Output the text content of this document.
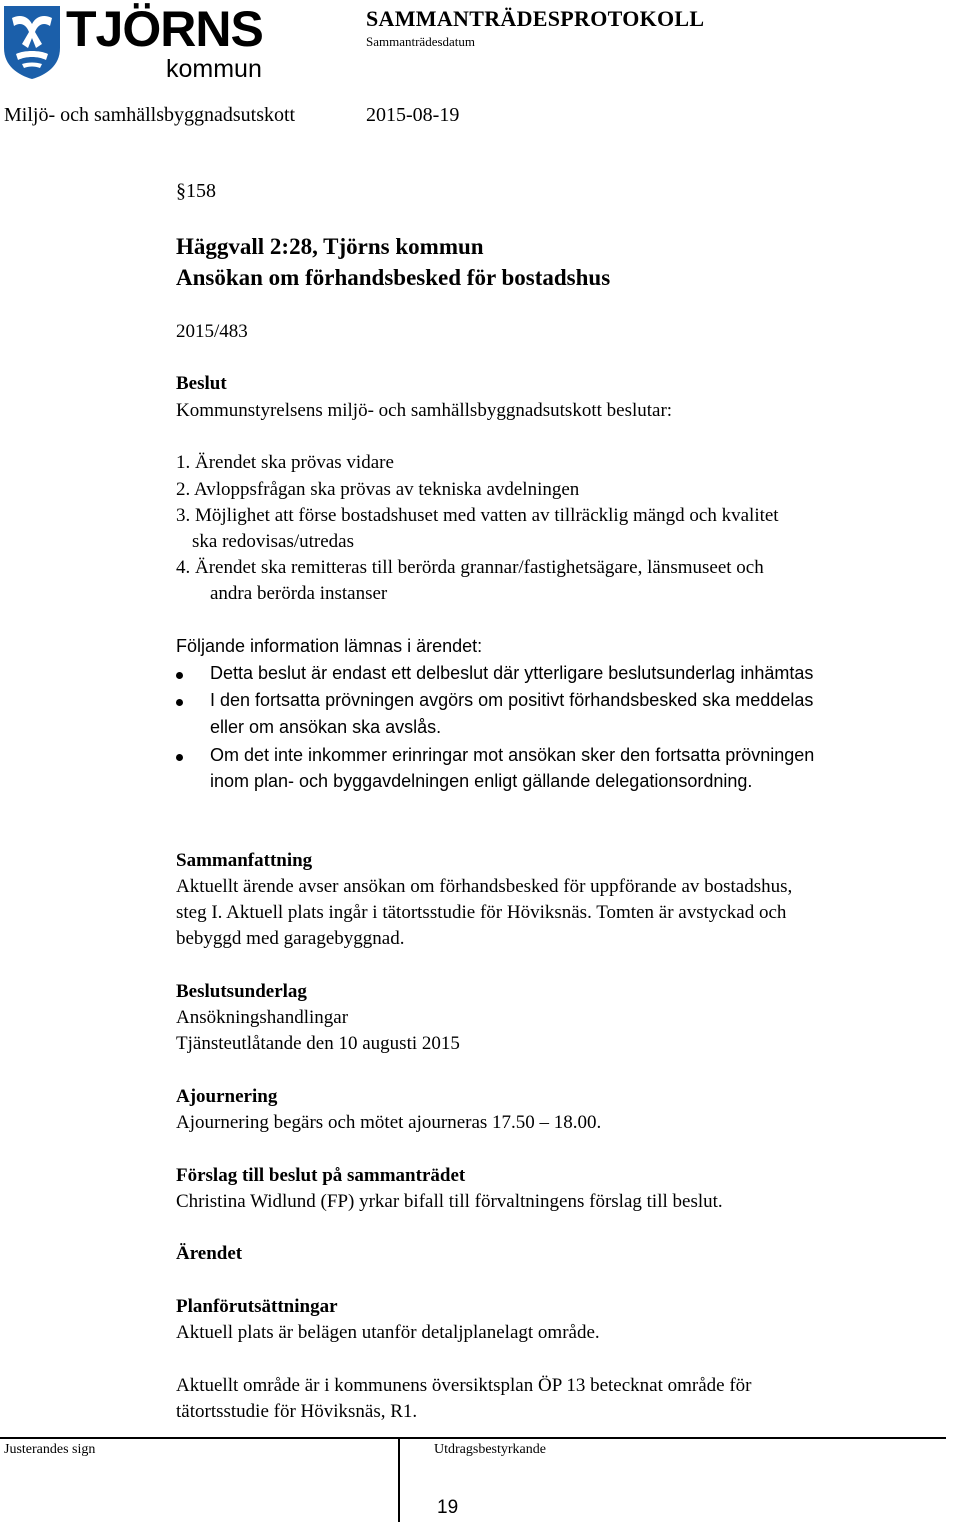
TJÖRNS
kommun
SAMMANTRÄDESPROTOKOLL
Sammanträdesdatum
Miljö- och samhällsbyggnadsutskott	2015-08-19
§158
Häggvall 2:28, Tjörns kommun
Ansökan om förhandsbesked för bostadshus
2015/483
Beslut
Kommunstyrelsens miljö- och samhällsbyggnadsutskott beslutar:
1. Ärendet ska prövas vidare
2. Avloppsfrågan ska prövas av tekniska avdelningen
3. Möjlighet att förse bostadshuset med vatten av tillräcklig mängd och kvalitet
ska redovisas/utredas
4. Ärendet ska remitteras till berörda grannar/fastighetsägare, länsmuseet och
andra berörda instanser
Följande information lämnas i ärendet:
Detta beslut är endast ett delbeslut där ytterligare beslutsunderlag inhämtas
I den fortsatta prövningen avgörs om positivt förhandsbesked ska meddelas
eller om ansökan ska avslås.
Om det inte inkommer erinringar mot ansökan sker den fortsatta prövningen
inom plan- och byggavdelningen enligt gällande delegationsordning.
Sammanfattning
Aktuellt ärende avser ansökan om förhandsbesked för uppförande av bostadshus,
steg I. Aktuell plats ingår i tätortsstudie för Höviksnäs. Tomten är avstyckad och
bebyggd med garagebyggnad.
Beslutsunderlag
Ansökningshandlingar
Tjänsteutlåtande den 10 augusti 2015
Ajournering
Ajournering begärs och mötet ajourneras 17.50 – 18.00.
Förslag till beslut på sammanträdet
Christina Widlund (FP) yrkar bifall till förvaltningens förslag till beslut.
Ärendet
Planförutsättningar
Aktuell plats är belägen utanför detaljplanelagt område.
Aktuellt område är i kommunens översiktsplan ÖP 13 betecknat område för
tätortsstudie för Höviksnäs, R1.
Justerandes sign	Utdragsbestyrkande
19
